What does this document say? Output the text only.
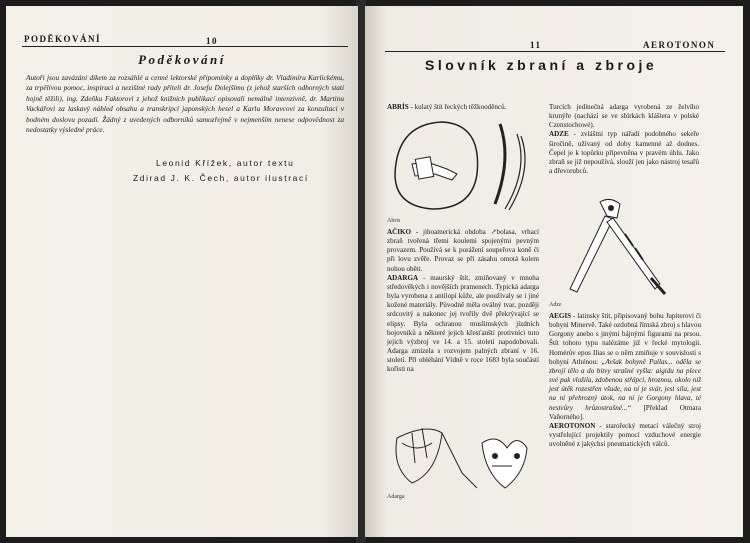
PODĚKOVÁNÍ	10
Poděkování

Autoři jsou zavázáni díkem za rozsáhlé a cenné lektorské připomínky a doplňky dr. Vladimíru Karlickému, za trpělivou pomoc, inspiraci a nezištné rady příteli dr. Josefu Dolejšímu (z jehož starších odborných statí hojně těžili), ing. Zdeňku Faktorovi z jehož knižních publikací opisovali nemálně intenzivně, dr. Martinu Vackářovi za laskavý náhled obsahu a transkripcí japonských hesel a Karlu Moravcovi za konzultaci v bodném doslovu pozadí. Žádný z uvedených odborníků samozřejmě v nejmenším nenese odpovědnost za nedostatky výsledné práce.

Leonid Křížek, autor textu
Zdirad J. K. Čech, autor ilustrací
11	AEROTONON
Slovník zbraní a zbroje

ABRÍS - kulatý štít řeckých těžkooděnců.

Abris

AČIKO - jihoamerická obdoba ↗bolasa, vrhací zbraň tvořená třemi koulemi spojenými pevným provazem. Používá se k porážení soupeřova koně či při lovu zvěře. Provaz se při zásahu omotá kolem nohou oběti.

ADARGA - maurský štít, zmiňovaný v mnoha středověkých i novějších pramenech. Typická adarga byla vyrobena z antilopí kůže, ale používaly se i jiné kožené materiály. Původně měla oválný tvar, později srdcovitý a nakonec jej tvořily dvě překrývající se elipsy. Byla ochranou muslimských jízdních bojovníků a některé jejich křesťanští protivníci tuto jejich výzbroj ve 14. a 15. století napodobovali. Adarga zmizela s rozvojem palných zbraní v 16. století. Při obléhání Vídně v roce 1683 byla součástí kořisti na

Adarga

Turcích jedinečná adarga vyrobená ze želvího krunýře (nachází se ve sbírkách kláštera v polské Czenstochowé).

ADZE - zvláštní typ nářadí podobného sekeře širočině, užívaný od doby kamenné až dodnes. Čepel je k topůrku připevněna v pravém úhlu. Jako zbraň se již nepoužívá, slouží jen jako nástroj tesařů a dřevorubců.

Adze

AEGIS - latinsky štít, připisovaný bohu Jupiterovi či bohyni Minervě. Také ozdobná římská zbroj s hlavou Gorgony anebo s jinými bájnými figurami na prsou. Štít tohoto typu nalézáme již v řecké mytologii. Homérův epos Ilias se o něm zmiňuje v souvislosti s bohyní Athénou: „Avšak bohyně Pallas... oděla se zbrojí tělo a do bitvy strašné vyšla: aigidu na plece své pak vložila, zdobenou střápci, hroznou, okolo níž jest útěk rozestřen všude, na ní je svár, jest síla, jest na ní přehrozný útok, na ní je Gorgony hlava, té nestvůry hrůzostrašné...“ [Překlad Otmara Vaňorného].

AEROTONON - starořecký metací válečný stroj vystřelující projektily pomocí vzduchové energie uvolněné z jakýchsi pneumatických válců.
